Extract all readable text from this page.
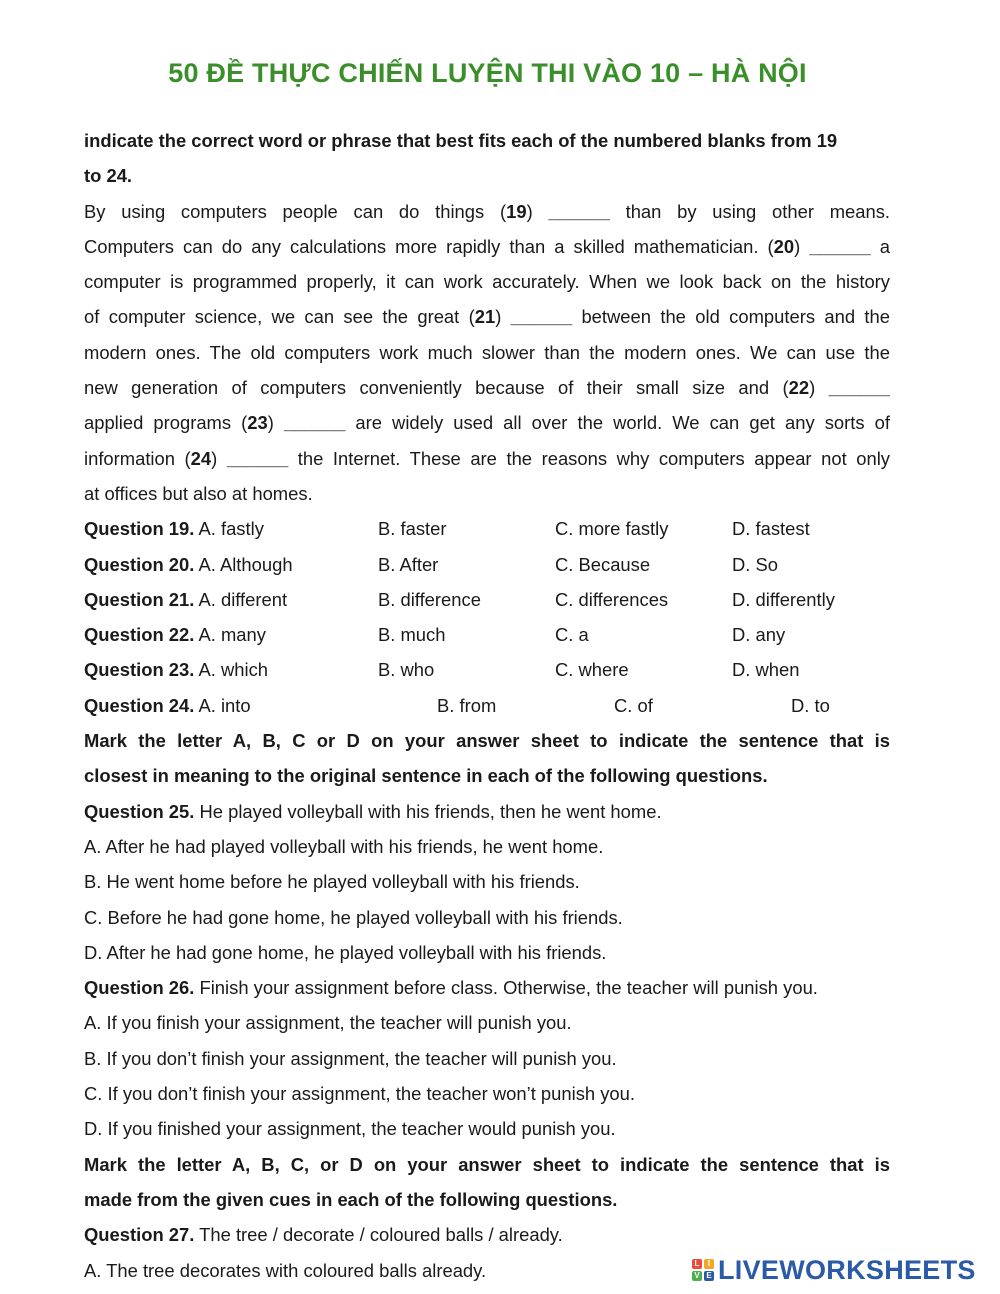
50 ĐỀ THỰC CHIẾN LUYỆN THI VÀO 10 – HÀ NỘI
indicate the correct word or phrase that best fits each of the numbered blanks from 19
to 24.
By using computers people can do things (19) ______ than by using other means.
Computers can do any calculations more rapidly than a skilled mathematician. (20) ______ a
computer is programmed properly, it can work accurately. When we look back on the history
of computer science, we can see the great (21) ______ between the old computers and the
modern ones. The old computers work much slower than the modern ones. We can use the
new generation of computers conveniently because of their small size and (22) ______
applied programs (23) ______ are widely used all over the world. We can get any sorts of
information (24) ______ the Internet. These are the reasons why computers appear not only
at offices but also at homes.
Question 19. A. fastly	B. faster	C. more fastly	D. fastest
Question 20. A. Although	B. After	C. Because	D. So
Question 21. A. different	B. difference	C. differences	D. differently
Question 22. A. many	B. much	C. a	D. any
Question 23. A. which	B. who	C. where	D. when
Question 24. A. into	B. from	C. of	D. to
Mark the letter A, B, C or D on your answer sheet to indicate the sentence that is
closest in meaning to the original sentence in each of the following questions.
Question 25. He played volleyball with his friends, then he went home.
A. After he had played volleyball with his friends, he went home.
B. He went home before he played volleyball with his friends.
C. Before he had gone home, he played volleyball with his friends.
D. After he had gone home, he played volleyball with his friends.
Question 26. Finish your assignment before class. Otherwise, the teacher will punish you.
A. If you finish your assignment, the teacher will punish you.
B. If you don’t finish your assignment, the teacher will punish you.
C. If you don’t finish your assignment, the teacher won’t punish you.
D. If you finished your assignment, the teacher would punish you.
Mark the letter A, B, C, or D on your answer sheet to indicate the sentence that is
made from the given cues in each of the following questions.
Question 27. The tree / decorate / coloured balls / already.
A. The tree decorates with coloured balls already.	L	I
V E LIVEWORKSHEETS
